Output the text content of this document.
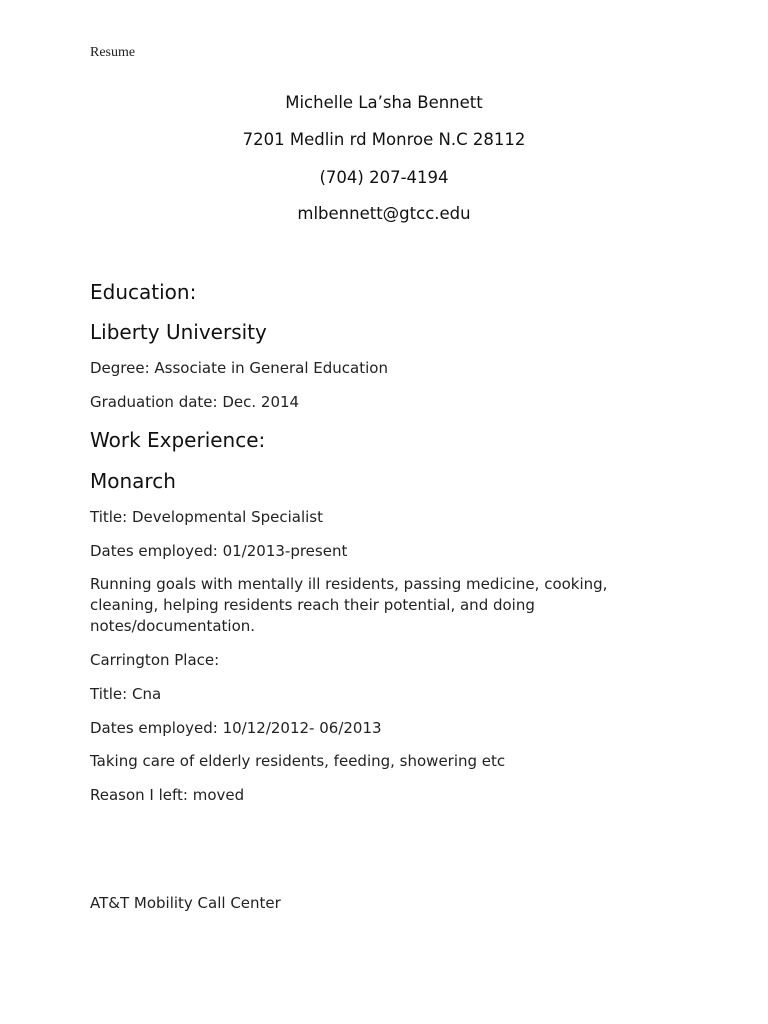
Resume
Michelle La’sha Bennett
7201 Medlin rd Monroe N.C 28112
(704) 207-4194
mlbennett@gtcc.edu
Education:
Liberty University
Degree: Associate in General Education
Graduation date: Dec. 2014
Work Experience:
Monarch
Title: Developmental Specialist
Dates employed: 01/2013-present
Running goals with mentally ill residents, passing medicine, cooking, cleaning, helping residents reach their potential, and doing notes/documentation.
Carrington Place:
Title: Cna
Dates employed: 10/12/2012- 06/2013
Taking care of elderly residents, feeding, showering etc
Reason I left: moved
AT&T Mobility Call Center
